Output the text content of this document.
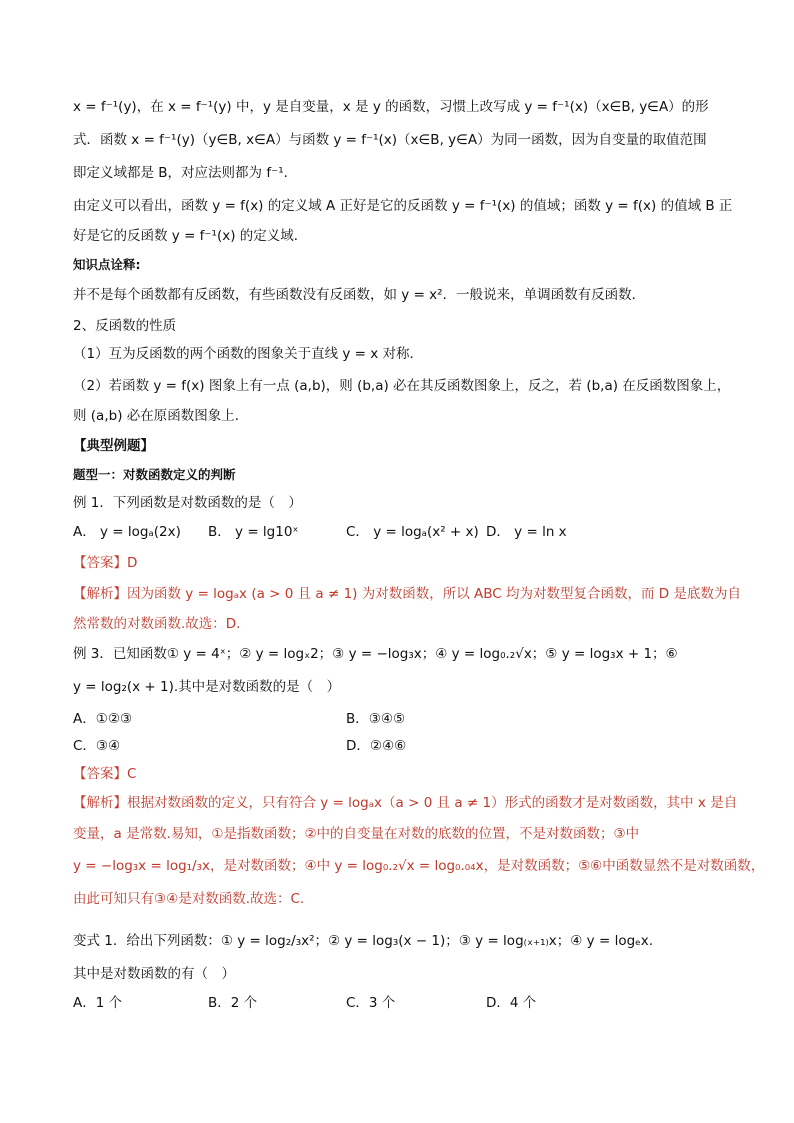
x = f⁻¹(y)，在 x = f⁻¹(y) 中，y 是自变量，x 是 y 的函数，习惯上改写成 y = f⁻¹(x)（x∈B, y∈A）的形
式．函数 x = f⁻¹(y)（y∈B, x∈A）与函数 y = f⁻¹(x)（x∈B, y∈A）为同一函数，因为自变量的取值范围
即定义域都是 B，对应法则都为 f⁻¹．
由定义可以看出，函数 y = f(x) 的定义域 A 正好是它的反函数 y = f⁻¹(x) 的值域；函数 y = f(x) 的值域 B 正
好是它的反函数 y = f⁻¹(x) 的定义域．
知识点诠释:
并不是每个函数都有反函数，有些函数没有反函数，如 y = x²．一般说来，单调函数有反函数．
2、反函数的性质
（1）互为反函数的两个函数的图象关于直线 y = x 对称．
（2）若函数 y = f(x) 图象上有一点 (a,b)，则 (b,a) 必在其反函数图象上，反之，若 (b,a) 在反函数图象上，
则 (a,b) 必在原函数图象上．
【典型例题】
题型一：对数函数定义的判断
例 1．下列函数是对数函数的是（　）
A． y = logₐ(2x) B． y = lg10ˣ	C． y = logₐ(x² + x) D． y = ln x
【答案】D
【解析】因为函数 y = logₐx (a > 0 且 a ≠ 1) 为对数函数，所以 ABC 均为对数型复合函数，而 D 是底数为自
然常数的对数函数.故选：D.
例 3．已知函数① y = 4ˣ；② y = logₓ2；③ y = −log₃x；④ y = log₀.₂√x；⑤ y = log₃x + 1；⑥
y = log₂(x + 1).其中是对数函数的是（　）
A．①②③	B．③④⑤
C．③④	D．②④⑥
【答案】C
【解析】根据对数函数的定义，只有符合 y = logₐx（a > 0 且 a ≠ 1）形式的函数才是对数函数，其中 x 是自
变量，a 是常数.易知，①是指数函数；②中的自变量在对数的底数的位置，不是对数函数；③中
y = −log₃x = log₁/₃x，是对数函数；④中 y = log₀.₂√x = log₀.₀₄x，是对数函数；⑤⑥中函数显然不是对数函数，
由此可知只有③④是对数函数.故选：C.
变式 1．给出下列函数：① y = log₂/₃x²；② y = log₃(x − 1)；③ y = log₍ₓ₊₁₎x；④ y = logₑx.
其中是对数函数的有（　）
A．1 个	B．2 个	C．3 个	D．4 个
